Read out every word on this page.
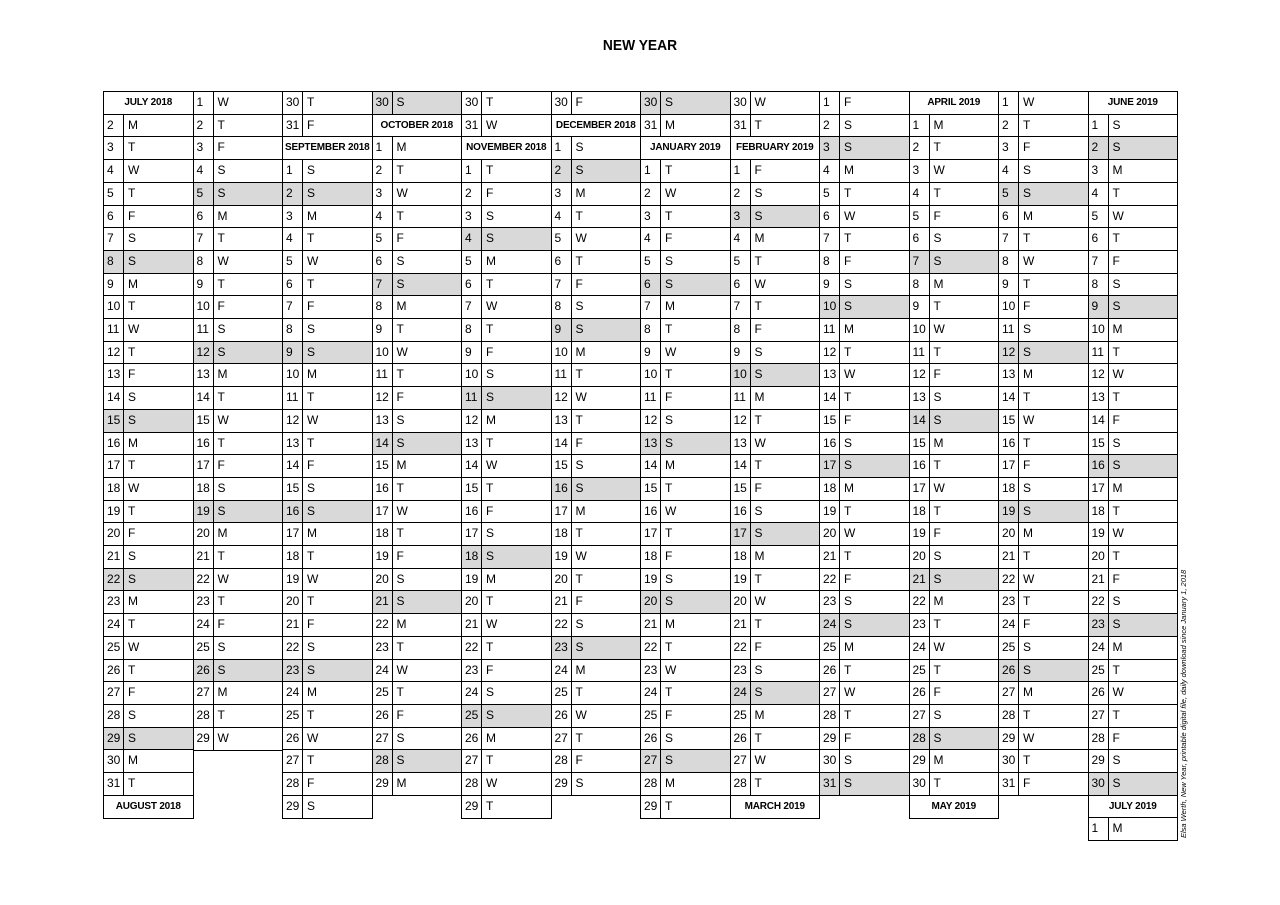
NEW YEAR
JULY 2018
2	M
3	T
4	W
5	T
6	F
7	S
8	S
9	M
10 T
11 W
12 T
13 F
14 S
15 S
16 M
17 T
18 W
19 T
20 F
21 S
22 S
23 M
24 T
25 W
26 T
27 F
28 S
29 S
30 M
31 T
AUGUST 2018
1	W
2	T
3	F
4	S
5	S
6	M
7	T
8	W
9	T
10 F
11 S
12 S
13 M
14 T
15 W
16 T
17 F
18 S
19 S
20 M
21 T
22 W
23 T
24 F
25 S
26 S
27 M
28 T
29 W
30 T
31 F
SEPTEMBER 2018
1	S
2	S
3	M
4	T
5	W
6	T
7	F
8	S
9	S
10 M
11 T
12 W
13 T
14 F
15 S
16 S
17 M
18 T
19 W
20 T
21 F
22 S
23 S
24 M
25 T
26 W
27 T
28 F
29 S
30 S
OCTOBER 2018
1	M
2	T
3	W
4	T
5	F
6	S
7	S
8	M
9	T
10 W
11 T
12 F
13 S
14 S
15 M
16 T
17 W
18 T
19 F
20 S
21 S
22 M
23 T
24 W
25 T
26 F
27 S
28 S
29 M
30 T
31 W
NOVEMBER 2018
1	T
2	F
3	S
4	S
5	M
6	T
7	W
8	T
9	F
10 S
11 S
12 M
13 T
14 W
15 T
16 F
17 S
18 S
19 M
20 T
21 W
22 T
23 F
24 S
25 S
26 M
27 T
28 W
29 T
30 F
DECEMBER 2018
1	S
2	S
3	M
4	T
5	W
6	T
7	F
8	S
9	S
10 M
11 T
12 W
13 T
14 F
15 S
16 S
17 M
18 T
19 W
20 T
21 F
22 S
23 S
24 M
25 T
26 W
27 T
28 F
29 S
30 S
31 M
JANUARY 2019
1	T
2	W
3	T
4	F
5	S
6	S
7	M
8	T
9	W
10 T
11 F
12 S
13 S
14 M
15 T
16 W
17 T
18 F
19 S
20 S
21 M
22 T
23 W
24 T
25 F
26 S
27 S
28 M
29 T
30 W
31 T
FEBRUARY 2019
1	F
2	S
3	S
4	M
5	T
6	W
7	T
8	F
9	S
10 S
11 M
12 T
13 W
14 T
15 F
16 S
17 S
18 M
19 T
20 W
21 T
22 F
23 S
24 S
25 M
26 T
27 W
28 T
MARCH 2019
1	F
2	S
3	S
4	M
5	T
6	W
7	T
8	F
9	S
10 S
11 M
12 T
13 W
14 T
15 F
16 S
17 S
18 M
19 T
20 W
21 T
22 F
23 S
24 S
25 M
26 T
27 W
28 T
29 F
30 S
31 S
APRIL 2019
1	M
2	T
3	W
4	T
5	F
6	S
7	S
8	M
9	T
10 W
11 T
12 F
13 S
14 S
15 M
16 T
17 W
18 T
19 F
20 S
21 S
22 M
23 T
24 W
25 T
26 F
27 S
28 S
29 M
30 T
MAY 2019
1	W
2	T
3	F
4	S
5	S
6	M
7	T
8	W
9	T
10 F
11 S
12 S
13 M
14 T
15 W
16 T
17 F
18 S
19 S
20 M
21 T
22 W
23 T
24 F
25 S
26 S
27 M
28 T
29 W
30 T
31 F
JUNE 2019
1	S
2	S
3	M
4	T
5	W
6	T
7	F
8	S
9	S
10 M
11 T
12 W
13 T
14 F
15 S
16 S
17 M
18 T
19 W
20 T
21 F
22 S
23 S
24 M
25 T
26 W
27 T
28 F
29 S
30 S
JULY 2019
1	M	Elsa Werth, New Year, printable digital file, daily download since January 1, 2018
